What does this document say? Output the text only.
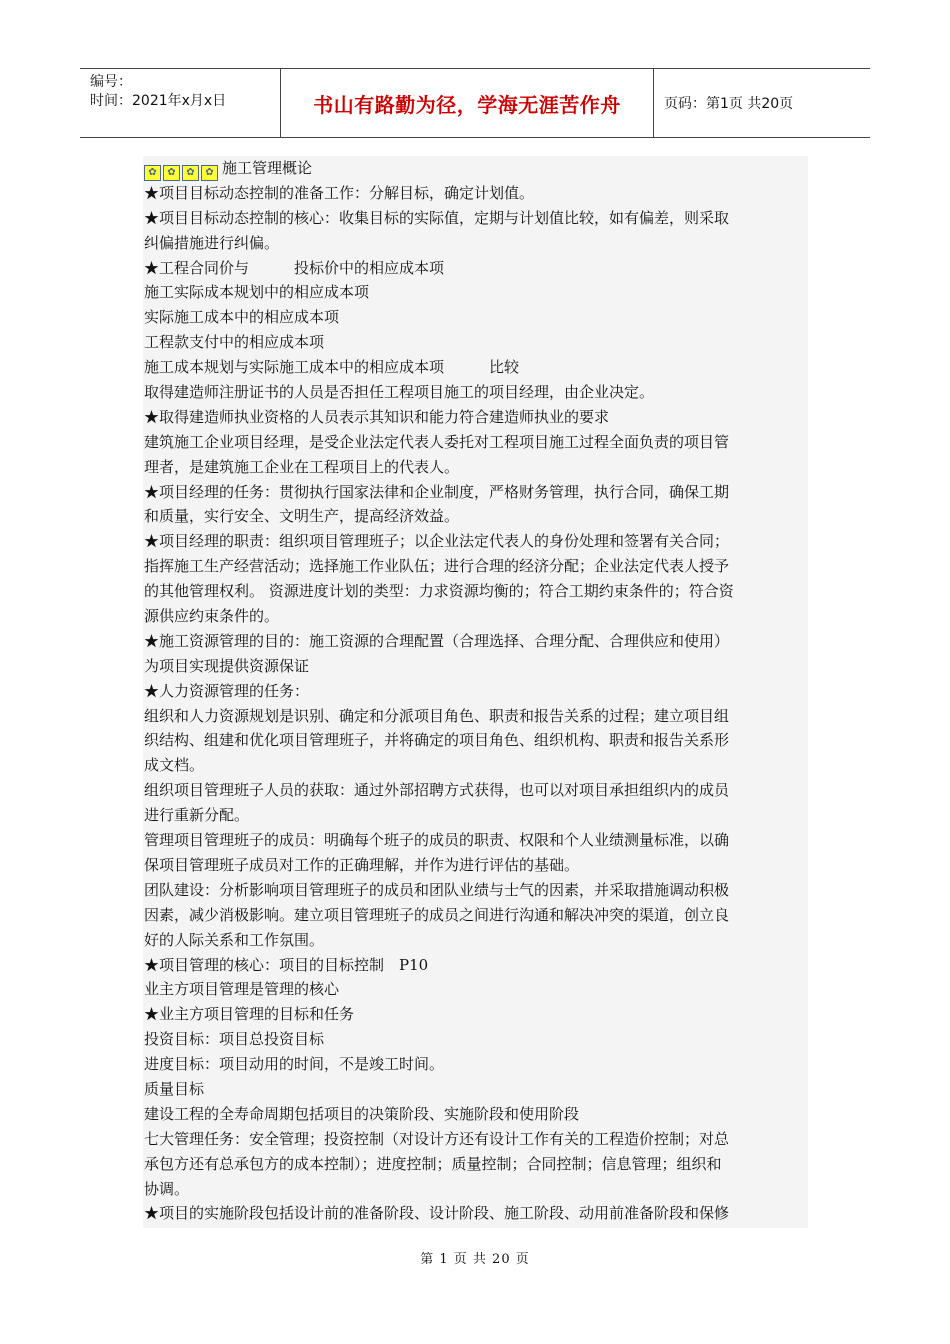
编号：
时间：2021年x月x日	书山有路勤为径，学海无涯苦作舟	页码：第1页 共20页
✿ ✿ ✿ ✿ 施工管理概论
★项目目标动态控制的准备工作：分解目标，确定计划值。
★项目目标动态控制的核心：收集目标的实际值，定期与计划值比较，如有偏差，则采取
纠偏措施进行纠偏。
★工程合同价与　　　投标价中的相应成本项
施工实际成本规划中的相应成本项
实际施工成本中的相应成本项
工程款支付中的相应成本项
施工成本规划与实际施工成本中的相应成本项　　　比较
取得建造师注册证书的人员是否担任工程项目施工的项目经理，由企业决定。
★取得建造师执业资格的人员表示其知识和能力符合建造师执业的要求
建筑施工企业项目经理，是受企业法定代表人委托对工程项目施工过程全面负责的项目管
理者，是建筑施工企业在工程项目上的代表人。
★项目经理的任务：贯彻执行国家法律和企业制度，严格财务管理，执行合同，确保工期
和质量，实行安全、文明生产，提高经济效益。
★项目经理的职责：组织项目管理班子；以企业法定代表人的身份处理和签署有关合同；
指挥施工生产经营活动；选择施工作业队伍；进行合理的经济分配；企业法定代表人授予
的其他管理权利。 资源进度计划的类型：力求资源均衡的；符合工期约束条件的；符合资
源供应约束条件的。
★施工资源管理的目的：施工资源的合理配置（合理选择、合理分配、合理供应和使用）
为项目实现提供资源保证
★人力资源管理的任务：
组织和人力资源规划是识别、确定和分派项目角色、职责和报告关系的过程；建立项目组
织结构、组建和优化项目管理班子，并将确定的项目角色、组织机构、职责和报告关系形
成文档。
组织项目管理班子人员的获取：通过外部招聘方式获得，也可以对项目承担组织内的成员
进行重新分配。
管理项目管理班子的成员：明确每个班子的成员的职责、权限和个人业绩测量标准，以确
保项目管理班子成员对工作的正确理解，并作为进行评估的基础。
团队建设：分析影响项目管理班子的成员和团队业绩与士气的因素，并采取措施调动积极
因素，减少消极影响。建立项目管理班子的成员之间进行沟通和解决冲突的渠道，创立良
好的人际关系和工作氛围。
★项目管理的核心：项目的目标控制　P10
业主方项目管理是管理的核心
★业主方项目管理的目标和任务
投资目标：项目总投资目标
进度目标：项目动用的时间，不是竣工时间。
质量目标
建设工程的全寿命周期包括项目的决策阶段、实施阶段和使用阶段
七大管理任务：安全管理；投资控制（对设计方还有设计工作有关的工程造价控制；对总
承包方还有总承包方的成本控制）；进度控制；质量控制；合同控制；信息管理；组织和
协调。
★项目的实施阶段包括设计前的准备阶段、设计阶段、施工阶段、动用前准备阶段和保修
第 1 页 共 20 页
